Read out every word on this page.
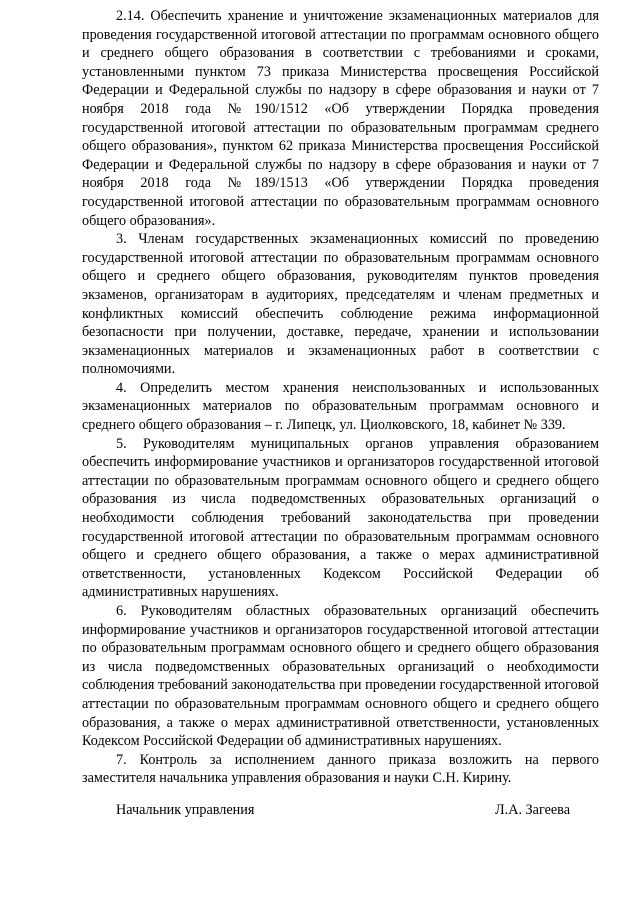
2.14. Обеспечить хранение и уничтожение экзаменационных материалов для проведения государственной итоговой аттестации по программам основного общего и среднего общего образования в соответствии с требованиями и сроками, установленными пунктом 73 приказа Министерства просвещения Российской Федерации и Федеральной службы по надзору в сфере образования и науки от 7 ноября 2018 года №190/1512 «Об утверждении Порядка проведения государственной итоговой аттестации по образовательным программам среднего общего образования», пунктом 62 приказа Министерства просвещения Российской Федерации и Федеральной службы по надзору в сфере образования и науки от 7 ноября 2018 года №189/1513 «Об утверждении Порядка проведения государственной итоговой аттестации по образовательным программам основного общего образования».

3. Членам государственных экзаменационных комиссий по проведению государственной итоговой аттестации по образовательным программам основного общего и среднего общего образования, руководителям пунктов проведения экзаменов, организаторам в аудиториях, председателям и членам предметных и конфликтных комиссий обеспечить соблюдение режима информационной безопасности при получении, доставке, передаче, хранении и использовании экзаменационных материалов и экзаменационных работ в соответствии с полномочиями.

4. Определить местом хранения неиспользованных и использованных экзаменационных материалов по образовательным программам основного и среднего общего образования – г. Липецк, ул. Циолковского, 18, кабинет № 339.

5. Руководителям муниципальных органов управления образованием обеспечить информирование участников и организаторов государственной итоговой аттестации по образовательным программам основного общего и среднего общего образования из числа подведомственных образовательных организаций о необходимости соблюдения требований законодательства при проведении государственной итоговой аттестации по образовательным программам основного общего и среднего общего образования, а также о мерах административной ответственности, установленных Кодексом Российской Федерации об административных нарушениях.

6. Руководителям областных образовательных организаций обеспечить информирование участников и организаторов государственной итоговой аттестации по образовательным программам основного общего и среднего общего образования из числа подведомственных образовательных организаций о необходимости соблюдения требований законодательства при проведении государственной итоговой аттестации по образовательным программам основного общего и среднего общего образования, а также о мерах административной ответственности, установленных Кодексом Российской Федерации об административных нарушениях.

7. Контроль за исполнением данного приказа возложить на первого заместителя начальника управления образования и науки С.Н. Кирину.

Начальник управления	Л.А. Загеева
